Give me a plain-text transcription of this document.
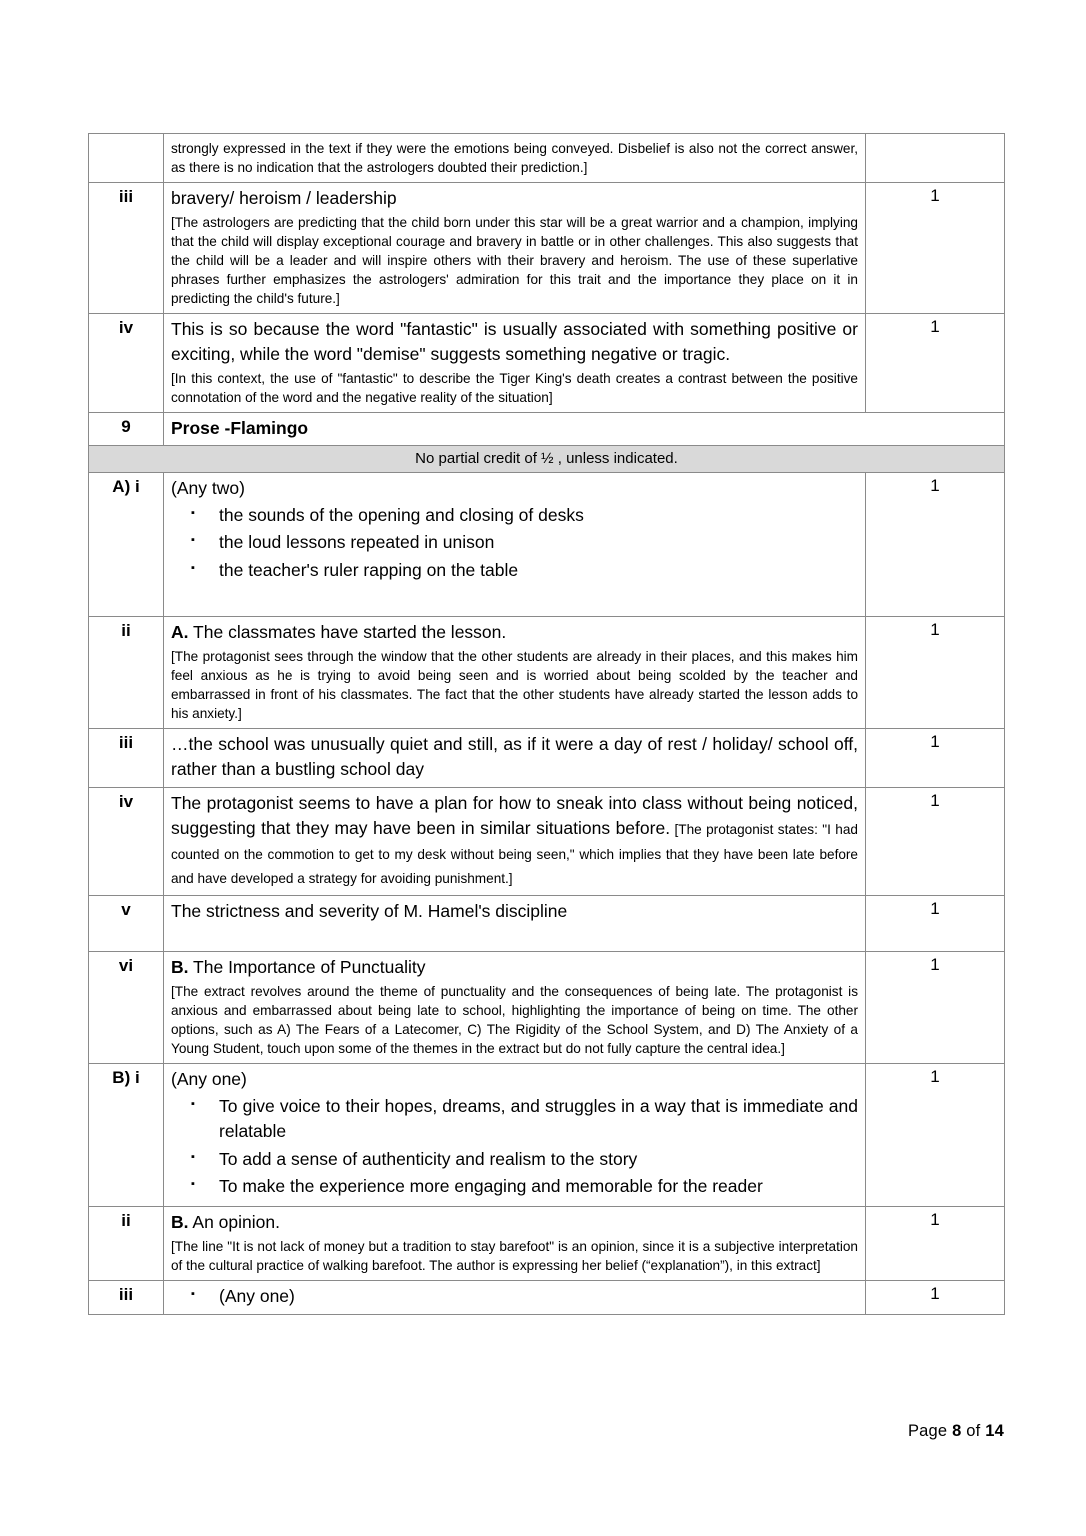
	strongly expressed in the text if they were the emotions being conveyed. Disbelief is also not the correct answer, as there is no indication that the astrologers doubted their prediction.]	

iii	bravery/ heroism / leadership

[The astrologers are predicting that the child born under this star will be a great warrior and a champion, implying that the child will display exceptional courage and bravery in battle or in other challenges. This also suggests that the child will be a leader and will inspire others with their bravery and heroism. The use of these superlative phrases further emphasizes the astrologers' admiration for this trait and the importance they place on it in predicting the child's future.]	1
iv	This is so because the word "fantastic" is usually associated with something positive or exciting, while the word "demise" suggests something negative or tragic.

[In this context, the use of "fantastic" to describe the Tiger King's death creates a contrast between the positive connotation of the word and the negative reality of the situation]	1
9	Prose -Flamingo	
No partial credit of ½ , unless indicated.		
A) i	(Any two)

▪ the sounds of the opening and closing of desks
▪ the loud lessons repeated in unison
▪ the teacher's ruler rapping on the table
	1
ii	A. The classmates have started the lesson.

[The protagonist sees through the window that the other students are already in their places, and this makes him feel anxious as he is trying to avoid being seen and is worried about being scolded by the teacher and embarrassed in front of his classmates. The fact that the other students have already started the lesson adds to his anxiety.]	1
iii	…the school was unusually quiet and still, as if it were a day of rest / holiday/ school off, rather than a bustling school day	1
iv	The protagonist seems to have a plan for how to sneak into class without being noticed, suggesting that they may have been in similar situations before. [The protagonist states: "I had counted on the commotion to get to my desk without being seen," which implies that they have been late before and have developed a strategy for avoiding punishment.]	1
v	The strictness and severity of M. Hamel's discipline	1
vi	B. The Importance of Punctuality

[The extract revolves around the theme of punctuality and the consequences of being late. The protagonist is anxious and embarrassed about being late to school, highlighting the importance of being on time. The other options, such as A) The Fears of a Latecomer, C) The Rigidity of the School System, and D) The Anxiety of a Young Student, touch upon some of the themes in the extract but do not fully capture the central idea.]	1
B) i	(Any one)

▪ To give voice to their hopes, dreams, and struggles in a way that is immediate and relatable
▪ To add a sense of authenticity and realism to the story
▪ To make the experience more engaging and memorable for the reader
	1
ii	B. An opinion.

[The line "It is not lack of money but a tradition to stay barefoot" is an opinion, since it is a subjective interpretation of the cultural practice of walking barefoot. The author is expressing her belief (“explanation”), in this extract]	1
iii	▪ (Any one)	1
Page 8 of 14
